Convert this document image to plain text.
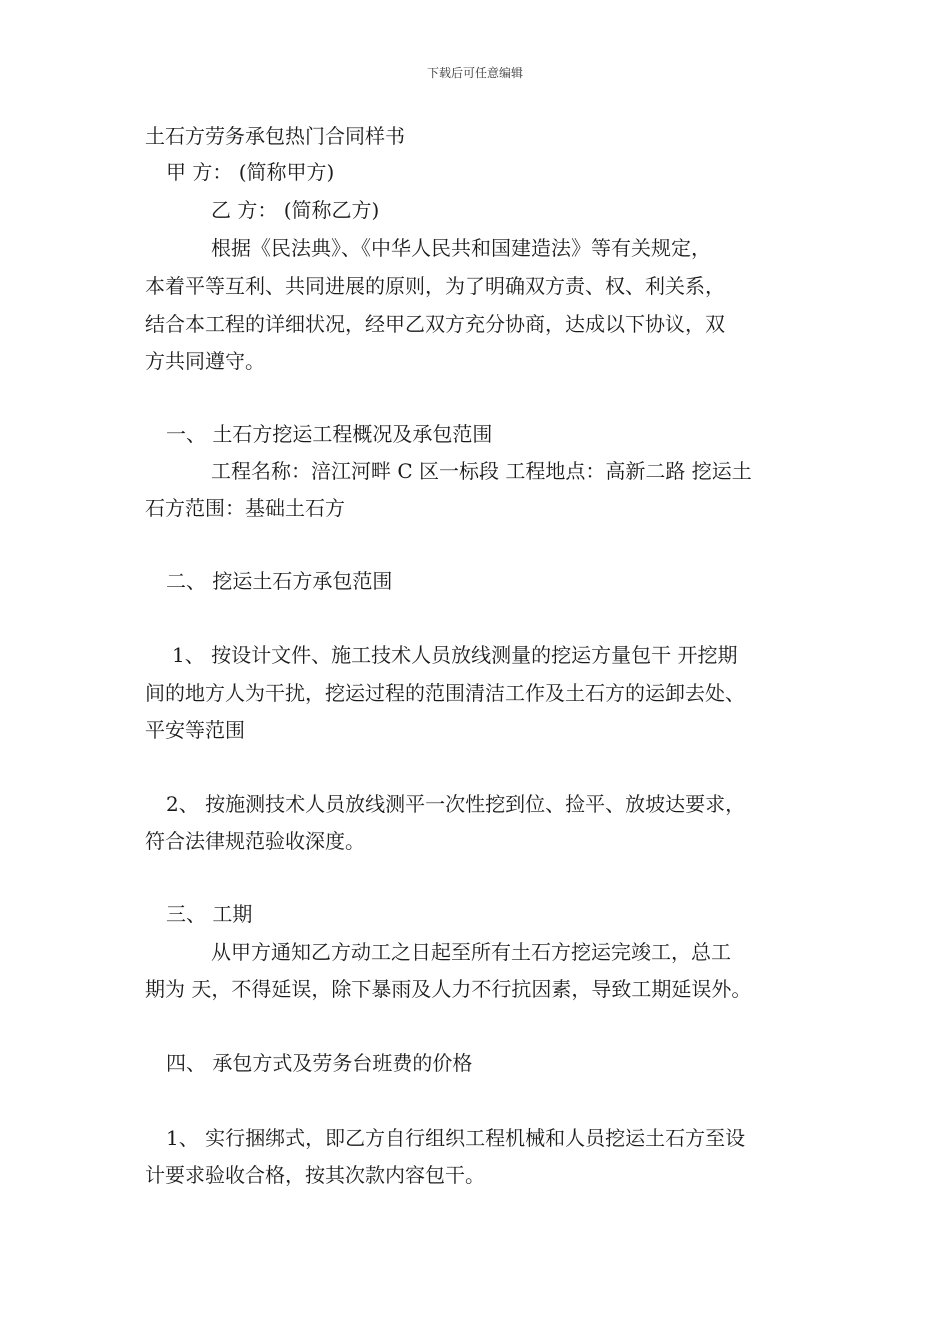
下载后可任意编辑
土石方劳务承包热门合同样书
甲 方： (简称甲方)
乙 方： (简称乙方)
根据《民法典》、《中华人民共和国建造法》等有关规定，
本着平等互利、共同进展的原则，为了明确双方责、权、利关系，
结合本工程的详细状况，经甲乙双方充分协商，达成以下协议，双
方共同遵守。
一、 土石方挖运工程概况及承包范围
工程名称：涪江河畔 C 区一标段 工程地点：高新二路 挖运土
石方范围：基础土石方
二、 挖运土石方承包范围
1、 按设计文件、施工技术人员放线测量的挖运方量包干 开挖期
间的地方人为干扰，挖运过程的范围清洁工作及土石方的运卸去处、
平安等范围
2、 按施测技术人员放线测平一次性挖到位、捡平、放坡达要求，
符合法律规范验收深度。
三、 工期
从甲方通知乙方动工之日起至所有土石方挖运完竣工，总工
期为 天，不得延误，除下暴雨及人力不行抗因素，导致工期延误外。
四、 承包方式及劳务台班费的价格
1、 实行捆绑式，即乙方自行组织工程机械和人员挖运土石方至设
计要求验收合格，按其次款内容包干。
